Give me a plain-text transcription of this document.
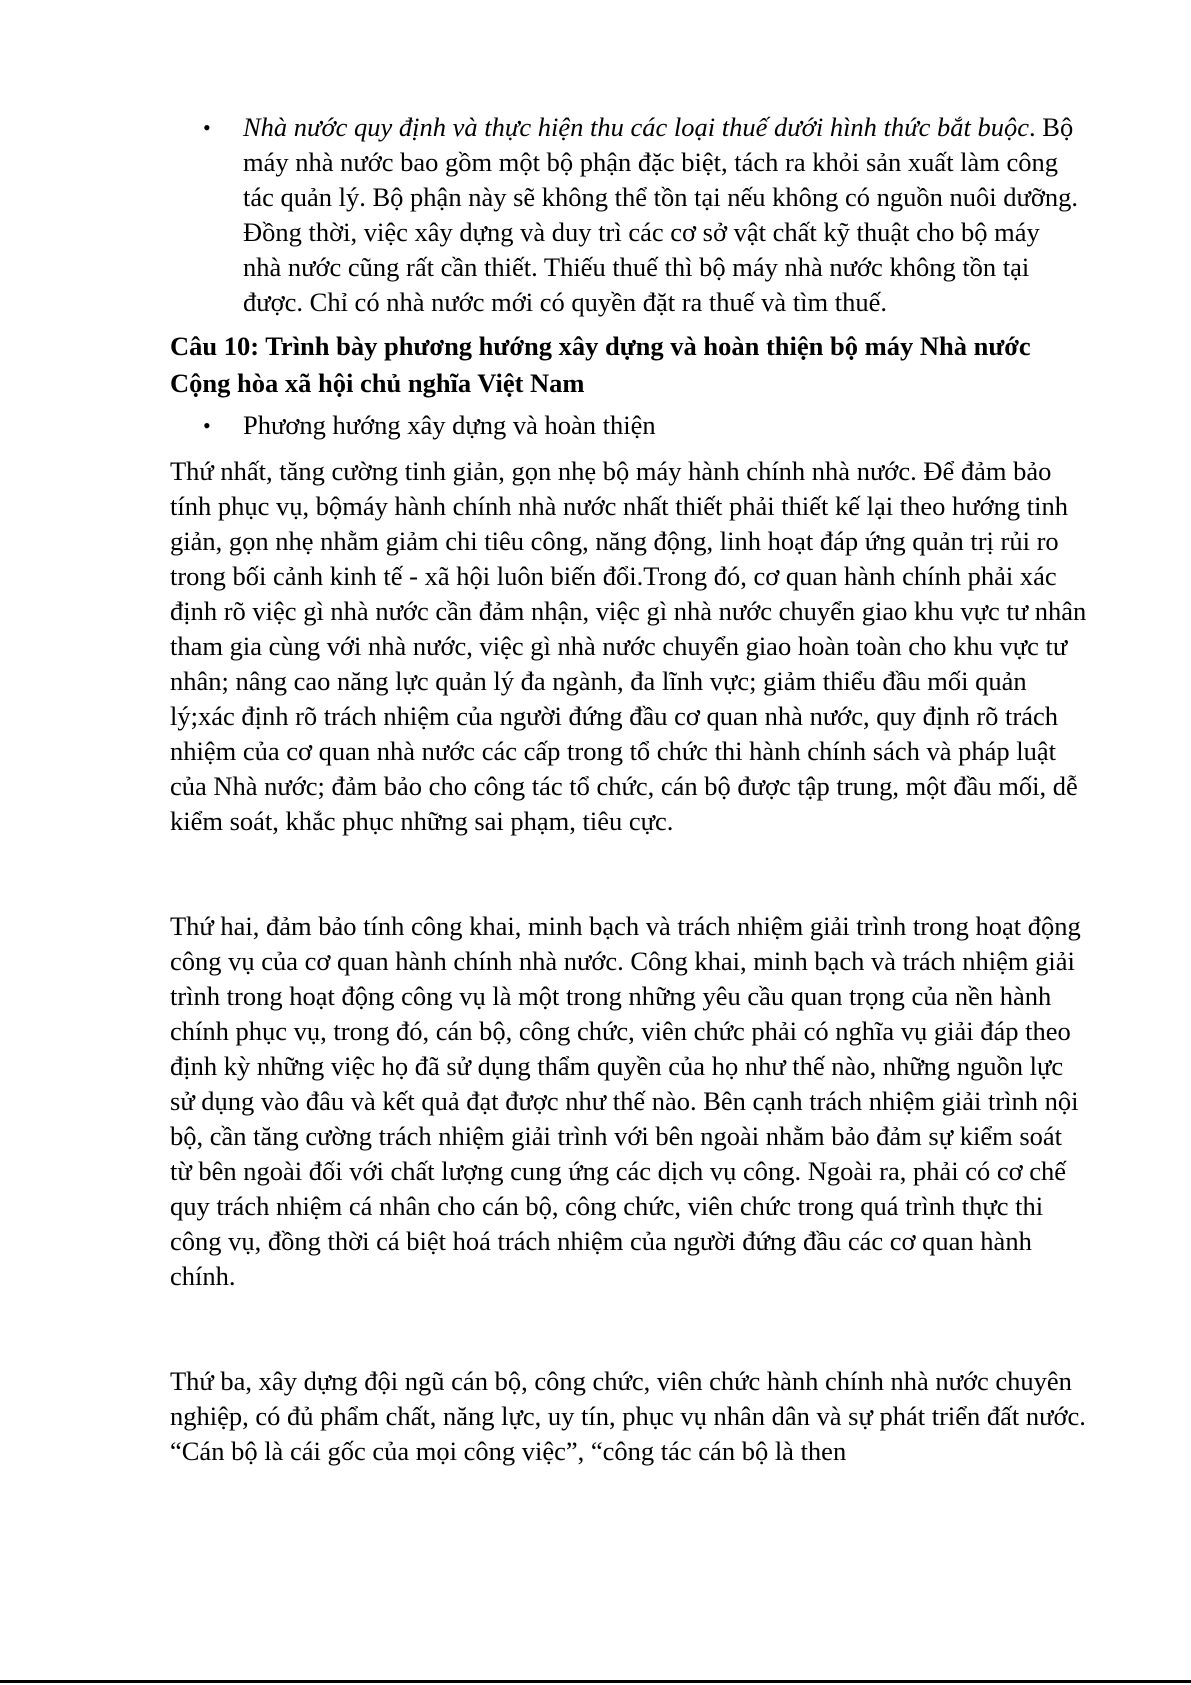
• Nhà nước quy định và thực hiện thu các loại thuế dưới hình thức bắt buộc. Bộ máy nhà nước bao gồm một bộ phận đặc biệt, tách ra khỏi sản xuất làm công tác quản lý. Bộ phận này sẽ không thể tồn tại nếu không có nguồn nuôi dưỡng. Đồng thời, việc xây dựng và duy trì các cơ sở vật chất kỹ thuật cho bộ máy nhà nước cũng rất cần thiết. Thiếu thuế thì bộ máy nhà nước không tồn tại được. Chỉ có nhà nước mới có quyền đặt ra thuế và tìm thuế.

Câu 10: Trình bày phương hướng xây dựng và hoàn thiện bộ máy Nhà nước Cộng hòa xã hội chủ nghĩa Việt Nam
• Phương hướng xây dựng và hoàn thiện

Thứ nhất, tăng cường tinh giản, gọn nhẹ bộ máy hành chính nhà nước. Để đảm bảo tính phục vụ, bộmáy hành chính nhà nước nhất thiết phải thiết kế lại theo hướng tinh giản, gọn nhẹ nhằm giảm chi tiêu công, năng động, linh hoạt đáp ứng quản trị rủi ro trong bối cảnh kinh tế - xã hội luôn biến đổi.Trong đó, cơ quan hành chính phải xác định rõ việc gì nhà nước cần đảm nhận, việc gì nhà nước chuyển giao khu vực tư nhân tham gia cùng với nhà nước, việc gì nhà nước chuyển giao hoàn toàn cho khu vực tư nhân; nâng cao năng lực quản lý đa ngành, đa lĩnh vực; giảm thiểu đầu mối quản lý;xác định rõ trách nhiệm của người đứng đầu cơ quan nhà nước, quy định rõ trách nhiệm của cơ quan nhà nước các cấp trong tổ chức thi hành chính sách và pháp luật của Nhà nước; đảm bảo cho công tác tổ chức, cán bộ được tập trung, một đầu mối, dễ kiểm soát, khắc phục những sai phạm, tiêu cực.

Thứ hai, đảm bảo tính công khai, minh bạch và trách nhiệm giải trình trong hoạt động công vụ của cơ quan hành chính nhà nước. Công khai, minh bạch và trách nhiệm giải trình trong hoạt động công vụ là một trong những yêu cầu quan trọng của nền hành chính phục vụ, trong đó, cán bộ, công chức, viên chức phải có nghĩa vụ giải đáp theo định kỳ những việc họ đã sử dụng thẩm quyền của họ như thế nào, những nguồn lực sử dụng vào đâu và kết quả đạt được như thế nào. Bên cạnh trách nhiệm giải trình nội bộ, cần tăng cường trách nhiệm giải trình với bên ngoài nhằm bảo đảm sự kiểm soát từ bên ngoài đối với chất lượng cung ứng các dịch vụ công. Ngoài ra, phải có cơ chế quy trách nhiệm cá nhân cho cán bộ, công chức, viên chức trong quá trình thực thi công vụ, đồng thời cá biệt hoá trách nhiệm của người đứng đầu các cơ quan hành chính.

Thứ ba, xây dựng đội ngũ cán bộ, công chức, viên chức hành chính nhà nước chuyên nghiệp, có đủ phẩm chất, năng lực, uy tín, phục vụ nhân dân và sự phát triển đất nước. “Cán bộ là cái gốc của mọi công việc”, “công tác cán bộ là then
